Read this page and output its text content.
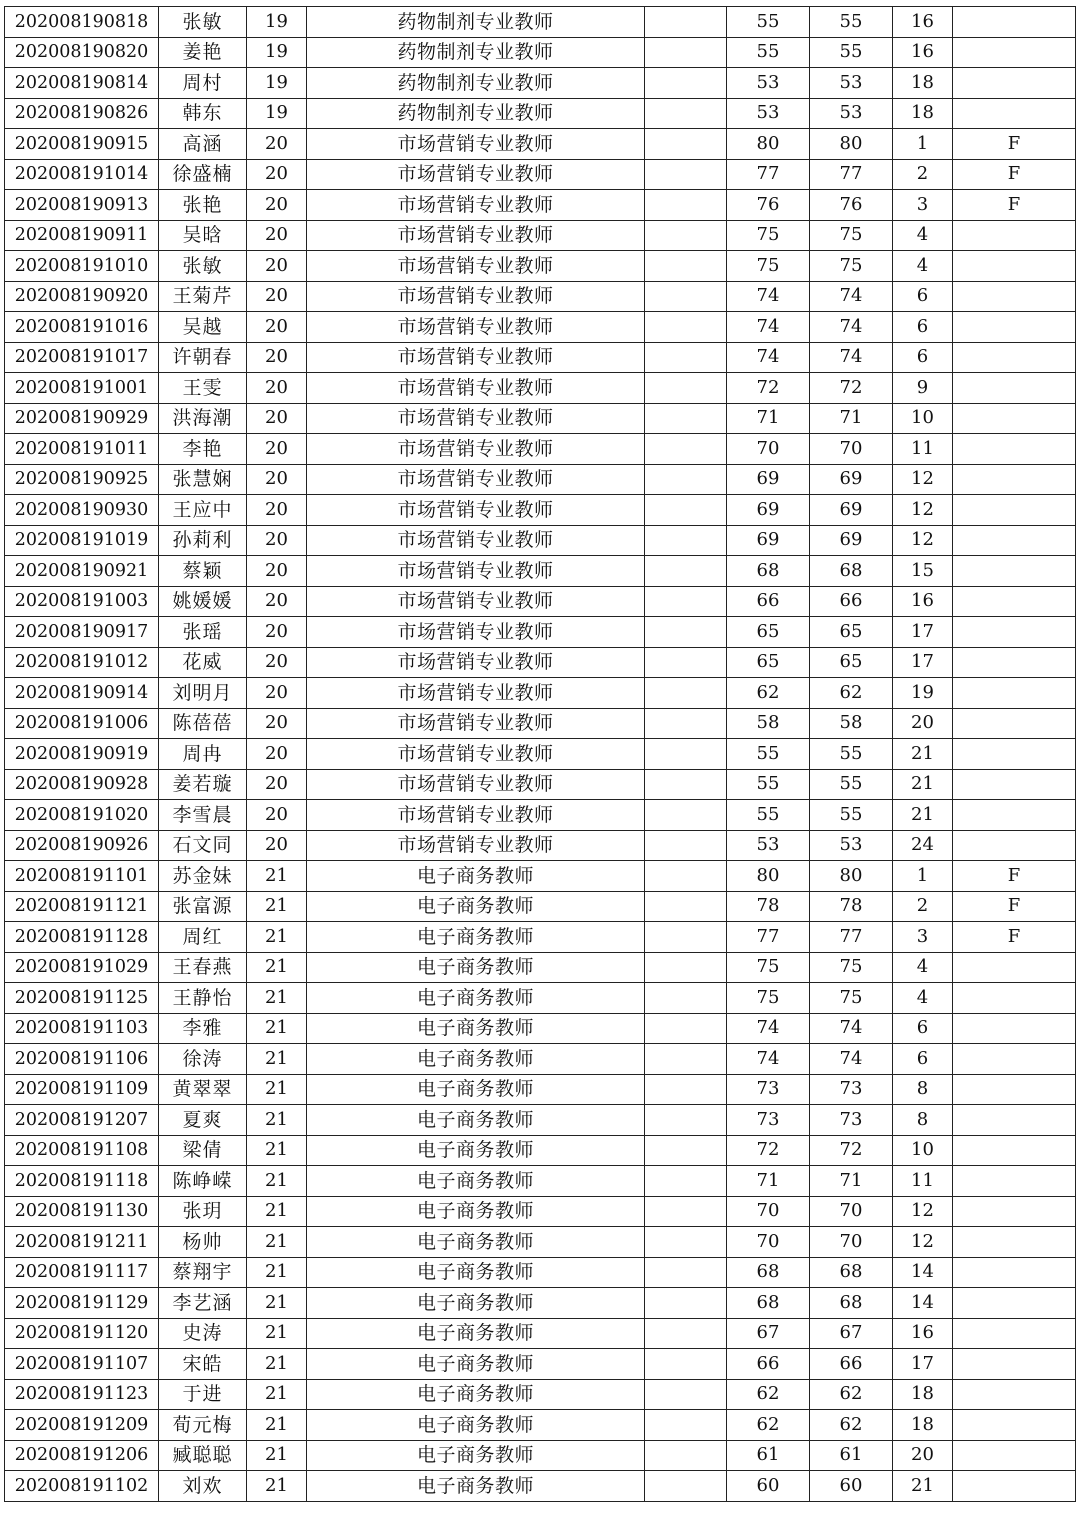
202008190818	张敏	19	药物制剂专业教师		55	55	16	
202008190820	姜艳	19	药物制剂专业教师		55	55	16	
202008190814	周村	19	药物制剂专业教师		53	53	18	
202008190826	韩东	19	药物制剂专业教师		53	53	18	
202008190915	高涵	20	市场营销专业教师		80	80	1	F
202008191014	徐盛楠	20	市场营销专业教师		77	77	2	F
202008190913	张艳	20	市场营销专业教师		76	76	3	F
202008190911	吴晗	20	市场营销专业教师		75	75	4	
202008191010	张敏	20	市场营销专业教师		75	75	4	
202008190920	王菊芹	20	市场营销专业教师		74	74	6	
202008191016	吴越	20	市场营销专业教师		74	74	6	
202008191017	许朝春	20	市场营销专业教师		74	74	6	
202008191001	王雯	20	市场营销专业教师		72	72	9	
202008190929	洪海潮	20	市场营销专业教师		71	71	10	
202008191011	李艳	20	市场营销专业教师		70	70	11	
202008190925	张慧娴	20	市场营销专业教师		69	69	12	
202008190930	王应中	20	市场营销专业教师		69	69	12	
202008191019	孙莉利	20	市场营销专业教师		69	69	12	
202008190921	蔡颖	20	市场营销专业教师		68	68	15	
202008191003	姚媛媛	20	市场营销专业教师		66	66	16	
202008190917	张瑶	20	市场营销专业教师		65	65	17	
202008191012	花威	20	市场营销专业教师		65	65	17	
202008190914	刘明月	20	市场营销专业教师		62	62	19	
202008191006	陈蓓蓓	20	市场营销专业教师		58	58	20	
202008190919	周冉	20	市场营销专业教师		55	55	21	
202008190928	姜若璇	20	市场营销专业教师		55	55	21	
202008191020	李雪晨	20	市场营销专业教师		55	55	21	
202008190926	石文同	20	市场营销专业教师		53	53	24	
202008191101	苏金妹	21	电子商务教师		80	80	1	F
202008191121	张富源	21	电子商务教师		78	78	2	F
202008191128	周红	21	电子商务教师		77	77	3	F
202008191029	王春燕	21	电子商务教师		75	75	4	
202008191125	王静怡	21	电子商务教师		75	75	4	
202008191103	李雅	21	电子商务教师		74	74	6	
202008191106	徐涛	21	电子商务教师		74	74	6	
202008191109	黄翠翠	21	电子商务教师		73	73	8	
202008191207	夏爽	21	电子商务教师		73	73	8	
202008191108	梁倩	21	电子商务教师		72	72	10	
202008191118	陈峥嵘	21	电子商务教师		71	71	11	
202008191130	张玥	21	电子商务教师		70	70	12	
202008191211	杨帅	21	电子商务教师		70	70	12	
202008191117	蔡翔宇	21	电子商务教师		68	68	14	
202008191129	李艺涵	21	电子商务教师		68	68	14	
202008191120	史涛	21	电子商务教师		67	67	16	
202008191107	宋皓	21	电子商务教师		66	66	17	
202008191123	于进	21	电子商务教师		62	62	18	
202008191209	荀元梅	21	电子商务教师		62	62	18	
202008191206	臧聪聪	21	电子商务教师		61	61	20	
202008191102	刘欢	21	电子商务教师		60	60	21	
